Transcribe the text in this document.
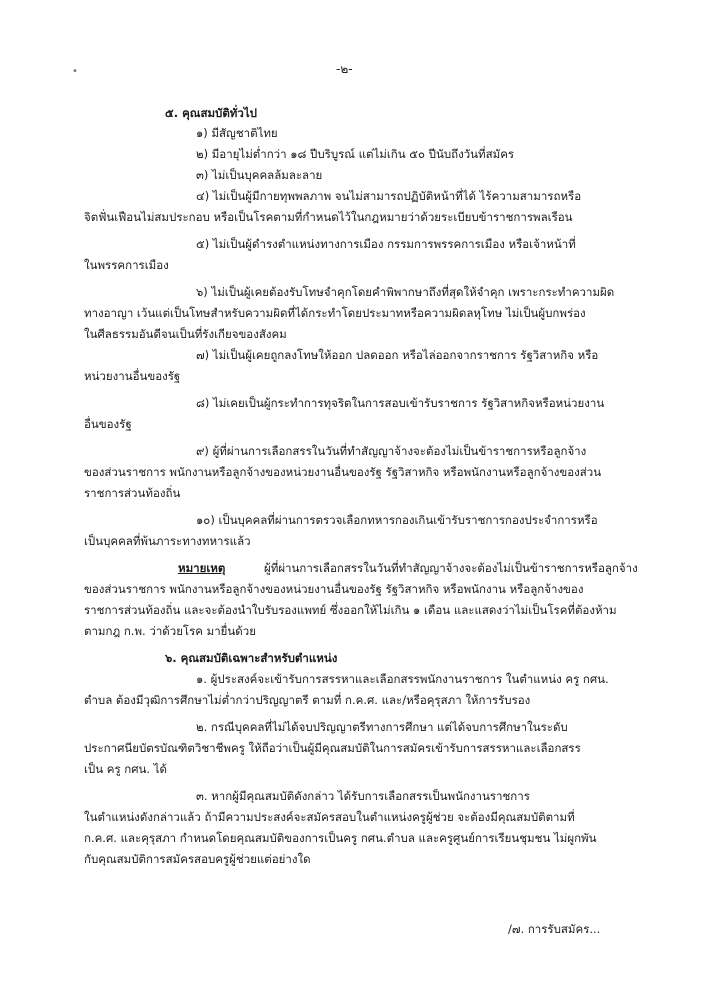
•	-๒-
๕. คุณสมบัติทั่วไป
๑) มีสัญชาติไทย
๒) มีอายุไม่ต่ำกว่า ๑๘ ปีบริบูรณ์ แต่ไม่เกิน ๕๐ ปีนับถึงวันที่สมัคร
๓) ไม่เป็นบุคคลล้มละลาย
๔) ไม่เป็นผู้มีกายทุพพลภาพ จนไม่สามารถปฏิบัติหน้าที่ได้ ไร้ความสามารถหรือ
จิตฟั่นเฟือนไม่สมประกอบ หรือเป็นโรคตามที่กำหนดไว้ในกฎหมายว่าด้วยระเบียบข้าราชการพลเรือน
๕) ไม่เป็นผู้ดำรงตำแหน่งทางการเมือง กรรมการพรรคการเมือง หรือเจ้าหน้าที่
ในพรรคการเมือง
๖) ไม่เป็นผู้เคยต้องรับโทษจำคุกโดยคำพิพากษาถึงที่สุดให้จำคุก เพราะกระทำความผิด
ทางอาญา เว้นแต่เป็นโทษสำหรับความผิดที่ได้กระทำโดยประมาทหรือความผิดลหุโทษ ไม่เป็นผู้บกพร่อง
ในศีลธรรมอันดีจนเป็นที่รังเกียจของสังคม
๗) ไม่เป็นผู้เคยถูกลงโทษให้ออก ปลดออก หรือไล่ออกจากราชการ รัฐวิสาหกิจ หรือ
หน่วยงานอื่นของรัฐ
๘) ไม่เคยเป็นผู้กระทำการทุจริตในการสอบเข้ารับราชการ รัฐวิสาหกิจหรือหน่วยงาน
อื่นของรัฐ
๙) ผู้ที่ผ่านการเลือกสรรในวันที่ทำสัญญาจ้างจะต้องไม่เป็นข้าราชการหรือลูกจ้าง
ของส่วนราชการ พนักงานหรือลูกจ้างของหน่วยงานอื่นของรัฐ รัฐวิสาหกิจ หรือพนักงานหรือลูกจ้างของส่วน
ราชการส่วนท้องถิ่น
๑๐) เป็นบุคคลที่ผ่านการตรวจเลือกทหารกองเกินเข้ารับราชการกองประจำการหรือ
เป็นบุคคลที่พ้นภาระทางทหารแล้ว
หมายเหตุ	ผู้ที่ผ่านการเลือกสรรในวันที่ทำสัญญาจ้างจะต้องไม่เป็นข้าราชการหรือลูกจ้าง
ของส่วนราชการ พนักงานหรือลูกจ้างของหน่วยงานอื่นของรัฐ รัฐวิสาหกิจ หรือพนักงาน หรือลูกจ้างของ
ราชการส่วนท้องถิ่น และจะต้องนำใบรับรองแพทย์ ซึ่งออกให้ไม่เกิน ๑ เดือน และแสดงว่าไม่เป็นโรคที่ต้องห้าม
ตามกฎ ก.พ. ว่าด้วยโรค มายื่นด้วย
๖. คุณสมบัติเฉพาะสำหรับตำแหน่ง
๑. ผู้ประสงค์จะเข้ารับการสรรหาและเลือกสรรพนักงานราชการ ในตำแหน่ง ครู กศน.
ตำบล ต้องมีวุฒิการศึกษาไม่ต่ำกว่าปริญญาตรี ตามที่ ก.ค.ศ. และ/หรือคุรุสภา ให้การรับรอง
๒. กรณีบุคคลที่ไม่ได้จบปริญญาตรีทางการศึกษา แต่ได้จบการศึกษาในระดับ
ประกาศนียบัตรบัณฑิตวิชาชีพครู ให้ถือว่าเป็นผู้มีคุณสมบัติในการสมัครเข้ารับการสรรหาและเลือกสรร
เป็น ครู กศน. ได้
๓. หากผู้มีคุณสมบัติดังกล่าว ได้รับการเลือกสรรเป็นพนักงานราชการ
ในตำแหน่งดังกล่าวแล้ว ถ้ามีความประสงค์จะสมัครสอบในตำแหน่งครูผู้ช่วย จะต้องมีคุณสมบัติตามที่
ก.ค.ศ. และคุรุสภา กำหนดโดยคุณสมบัติของการเป็นครู กศน.ตำบล และครูศูนย์การเรียนชุมชน ไม่ผูกพัน
กับคุณสมบัติการสมัครสอบครูผู้ช่วยแต่อย่างใด
/๗. การรับสมัคร...
